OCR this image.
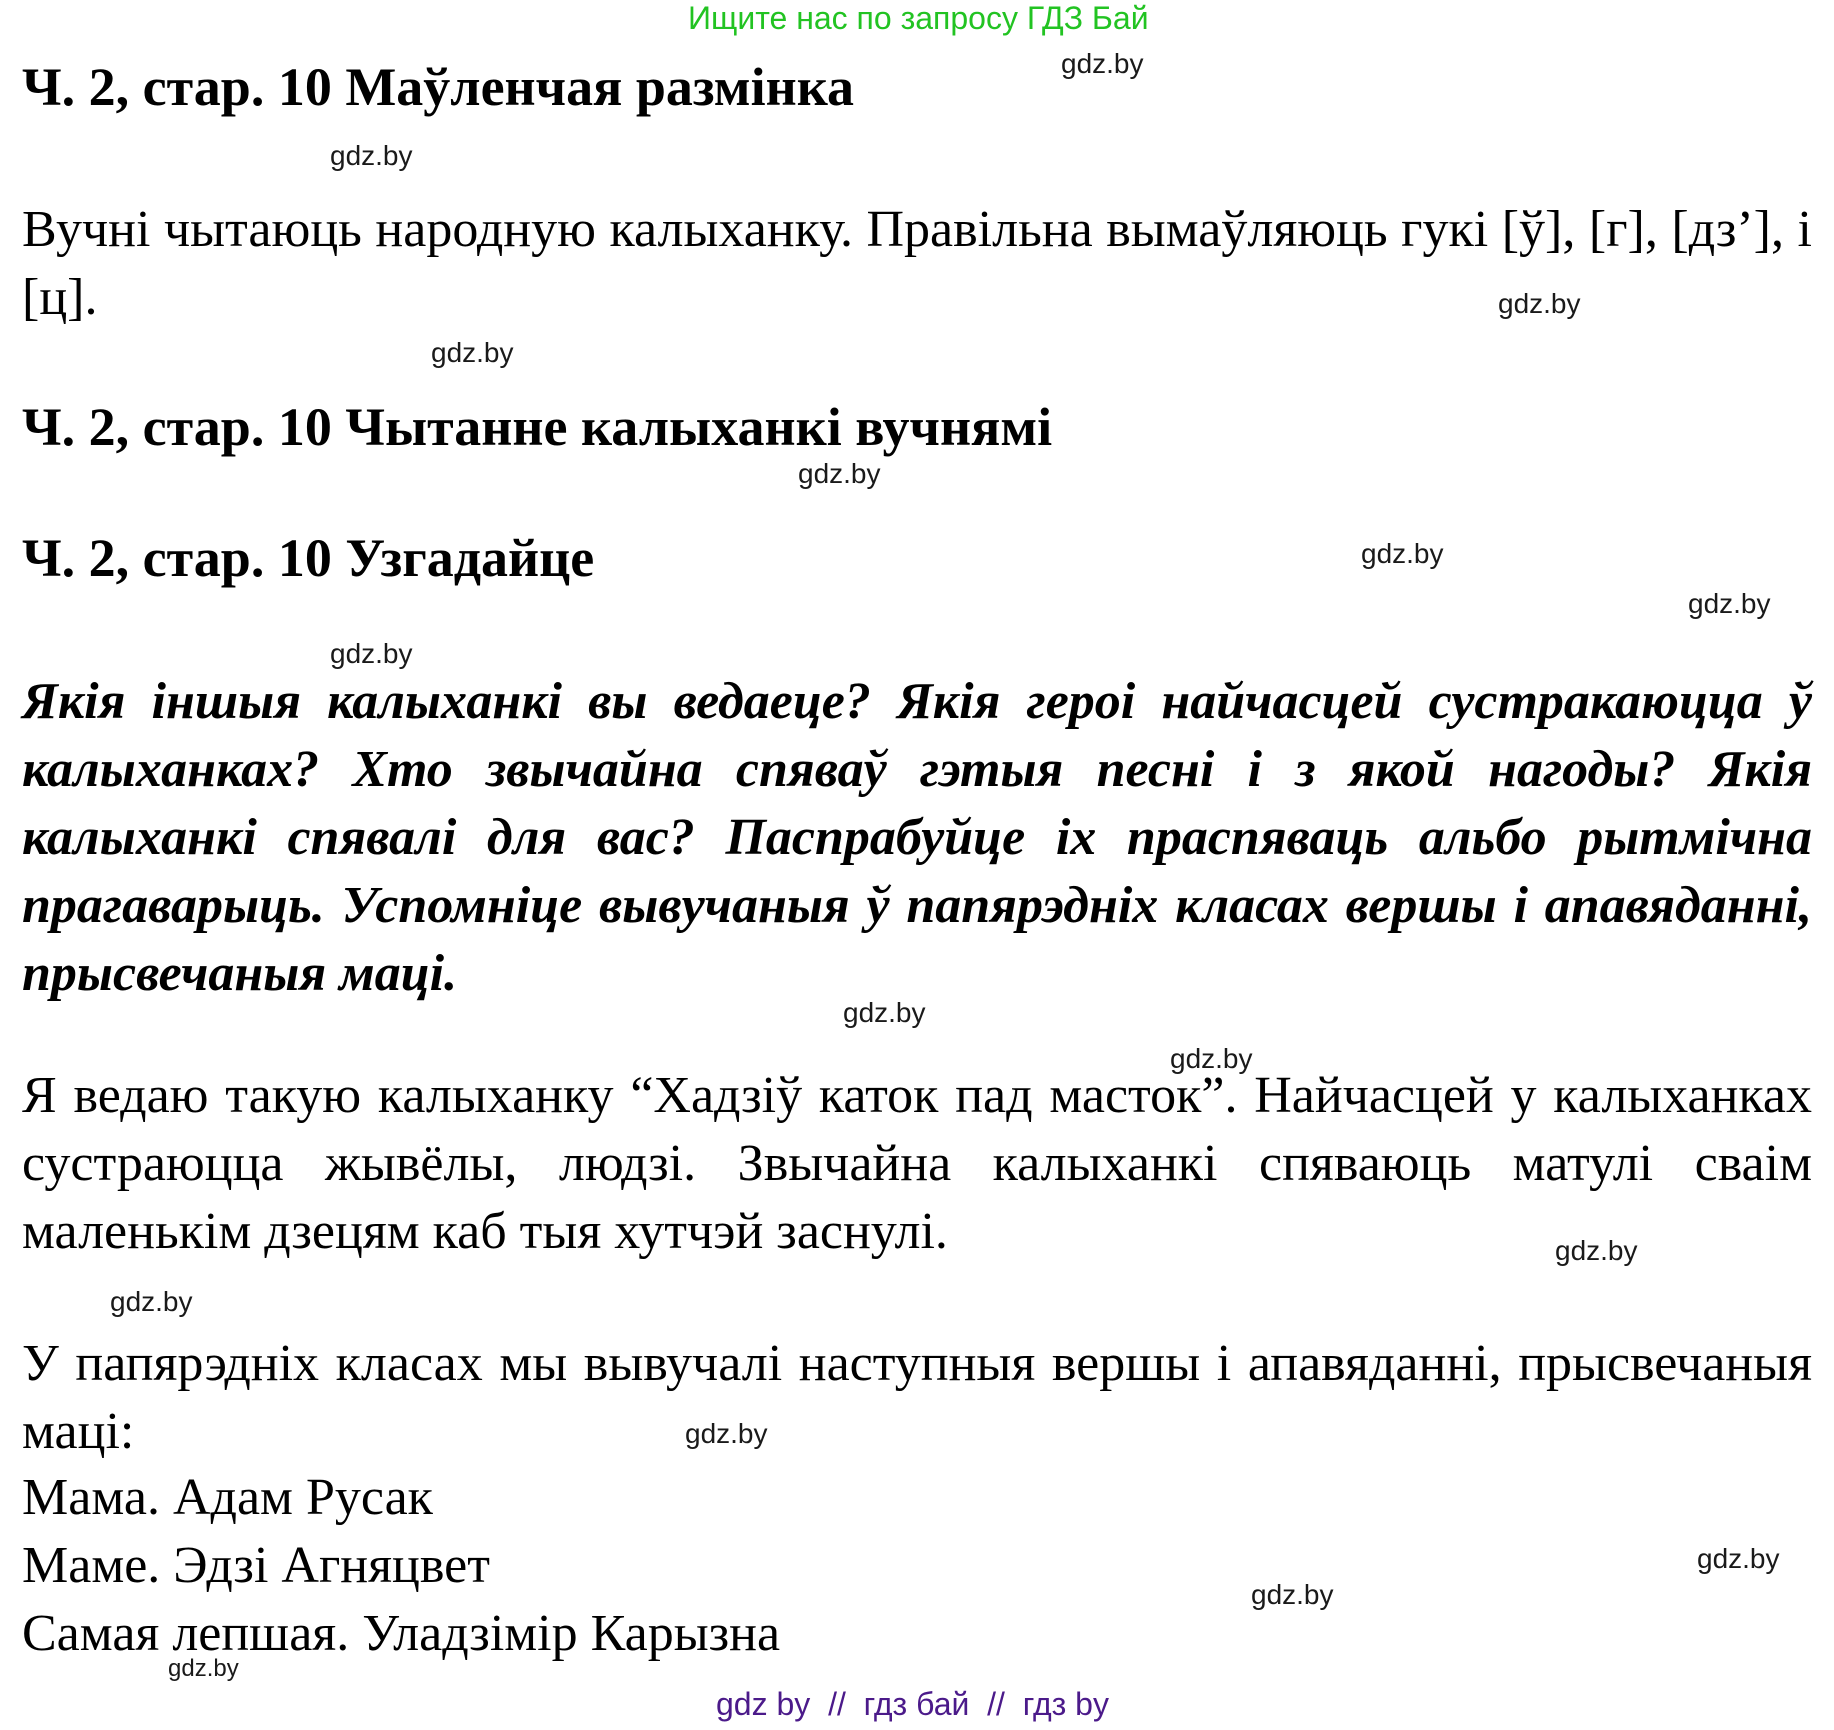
Ищите нас по запросу ГДЗ Бай
gdz.by
gdz.by
gdz.by
gdz.by
gdz.by
gdz.by
gdz.by
gdz.by
gdz.by
gdz.by
gdz.by
gdz.by
gdz.by
gdz.by
gdz.by
gdz.by
Ч. 2, стар. 10 Маўленчая размінка
Вучні чытаюць народную калыханку. Правільна вымаўляюць гукі [ў], [г], [дз’], і [ц].
Ч. 2, стар. 10 Чытанне калыханкі вучнямі
Ч. 2, стар. 10 Узгадайце
Якія іншыя калыханкі вы ведаеце? Якія героі найчасцей сустракаюцца ў калыханках? Хто звычайна спяваў гэтыя песні і з якой нагоды? Якія калыханкі спявалі для вас? Паспрабуйце іх праспяваць альбо рытмічна прагаварыць. Успомніце вывучаныя ў папярэдніх класах вершы і апавяданні, прысвечаныя маці.
Я ведаю такую калыханку “Хадзіў каток пад масток”. Найчасцей у калыханках сустраюцца жывёлы, людзі. Звычайна калыханкі спяваюць матулі сваім маленькім дзецям каб тыя хутчэй заснулі.
У папярэдніх класах мы вывучалі наступныя вершы і апавяданні, прысвечаныя маці:
Мама. Адам Русак
Маме. Эдзі Агняцвет
Самая лепшая. Уладзімір Карызна
gdz by  //  гдз бай  //  гдз by
